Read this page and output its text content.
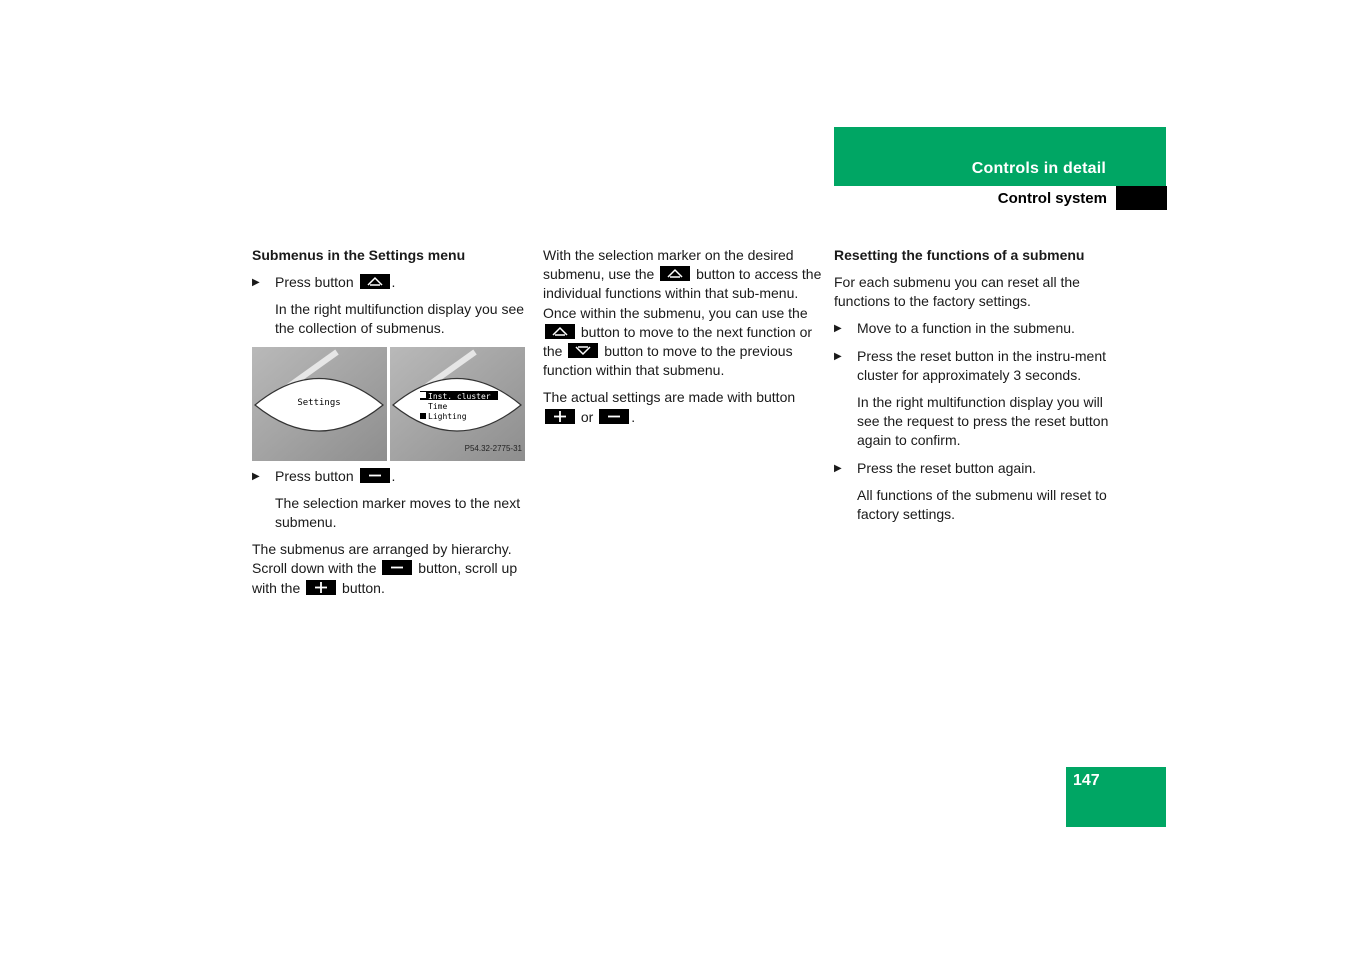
Controls in detail
Control system
Submenus in the Settings menu
▶ Press button	.
In the right multifunction display you see the collection of submenus.
Settings
Inst. cluster
Time
Lighting
P54.32-2775-31
▶ Press button	.
The selection marker moves to the next submenu.

The submenus are arranged by hierarchy. Scroll down with the	button, scroll up with the	button.

With the selection marker on the desired submenu, use the	button to access the individual functions within that sub-menu. Once within the submenu, you can use the
button to move to the next function or the	button to move to the previous function within that submenu.

The actual settings are made with button
or	.

Resetting the functions of a submenu

For each submenu you can reset all the functions to the factory settings.

▶ Move to a function in the submenu.
▶ Press the reset button in the instru-ment cluster for approximately 3 seconds.
In the right multifunction display you will see the request to press the reset button again to confirm.
▶ Press the reset button again.
All functions of the submenu will reset to factory settings.
147
